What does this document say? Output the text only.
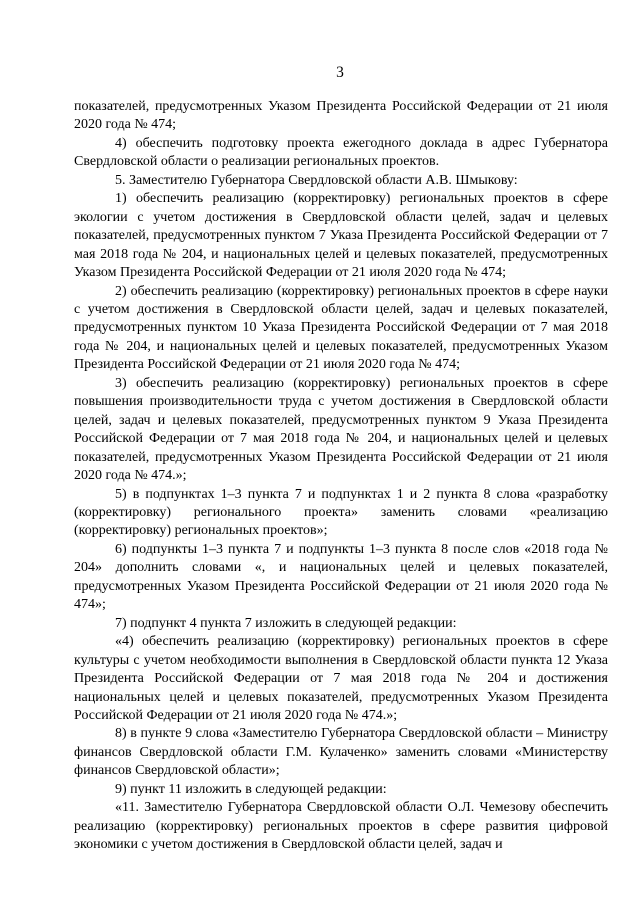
3

показателей, предусмотренных Указом Президента Российской Федерации от 21 июля 2020 года № 474;

4) обеспечить подготовку проекта ежегодного доклада в адрес Губернатора Свердловской области о реализации региональных проектов.

5. Заместителю Губернатора Свердловской области А.В. Шмыкову:

1) обеспечить реализацию (корректировку) региональных проектов в сфере экологии с учетом достижения в Свердловской области целей, задач и целевых показателей, предусмотренных пунктом 7 Указа Президента Российской Федерации от 7 мая 2018 года № 204, и национальных целей и целевых показателей, предусмотренных Указом Президента Российской Федерации от 21 июля 2020 года № 474;

2) обеспечить реализацию (корректировку) региональных проектов в сфере науки с учетом достижения в Свердловской области целей, задач и целевых показателей, предусмотренных пунктом 10 Указа Президента Российской Федерации от 7 мая 2018 года № 204, и национальных целей и целевых показателей, предусмотренных Указом Президента Российской Федерации от 21 июля 2020 года № 474;

3) обеспечить реализацию (корректировку) региональных проектов в сфере повышения производительности труда с учетом достижения в Свердловской области целей, задач и целевых показателей, предусмотренных пунктом 9 Указа Президента Российской Федерации от 7 мая 2018 года № 204, и национальных целей и целевых показателей, предусмотренных Указом Президента Российской Федерации от 21 июля 2020 года № 474.»;

5) в подпунктах 1–3 пункта 7 и подпунктах 1 и 2 пункта 8 слова «разработку (корректировку) регионального проекта» заменить словами «реализацию (корректировку) региональных проектов»;

6) подпункты 1–3 пункта 7 и подпункты 1–3 пункта 8 после слов «2018 года № 204» дополнить словами «, и национальных целей и целевых показателей, предусмотренных Указом Президента Российской Федерации от 21 июля 2020 года № 474»;

7) подпункт 4 пункта 7 изложить в следующей редакции:

«4) обеспечить реализацию (корректировку) региональных проектов в сфере культуры с учетом необходимости выполнения в Свердловской области пункта 12 Указа Президента Российской Федерации от 7 мая 2018 года № 204 и достижения национальных целей и целевых показателей, предусмотренных Указом Президента Российской Федерации от 21 июля 2020 года № 474.»;

8) в пункте 9 слова «Заместителю Губернатора Свердловской области – Министру финансов Свердловской области Г.М. Кулаченко» заменить словами «Министерству финансов Свердловской области»;

9) пункт 11 изложить в следующей редакции:

«11. Заместителю Губернатора Свердловской области О.Л. Чемезову обеспечить реализацию (корректировку) региональных проектов в сфере развития цифровой экономики с учетом достижения в Свердловской области целей, задач и
